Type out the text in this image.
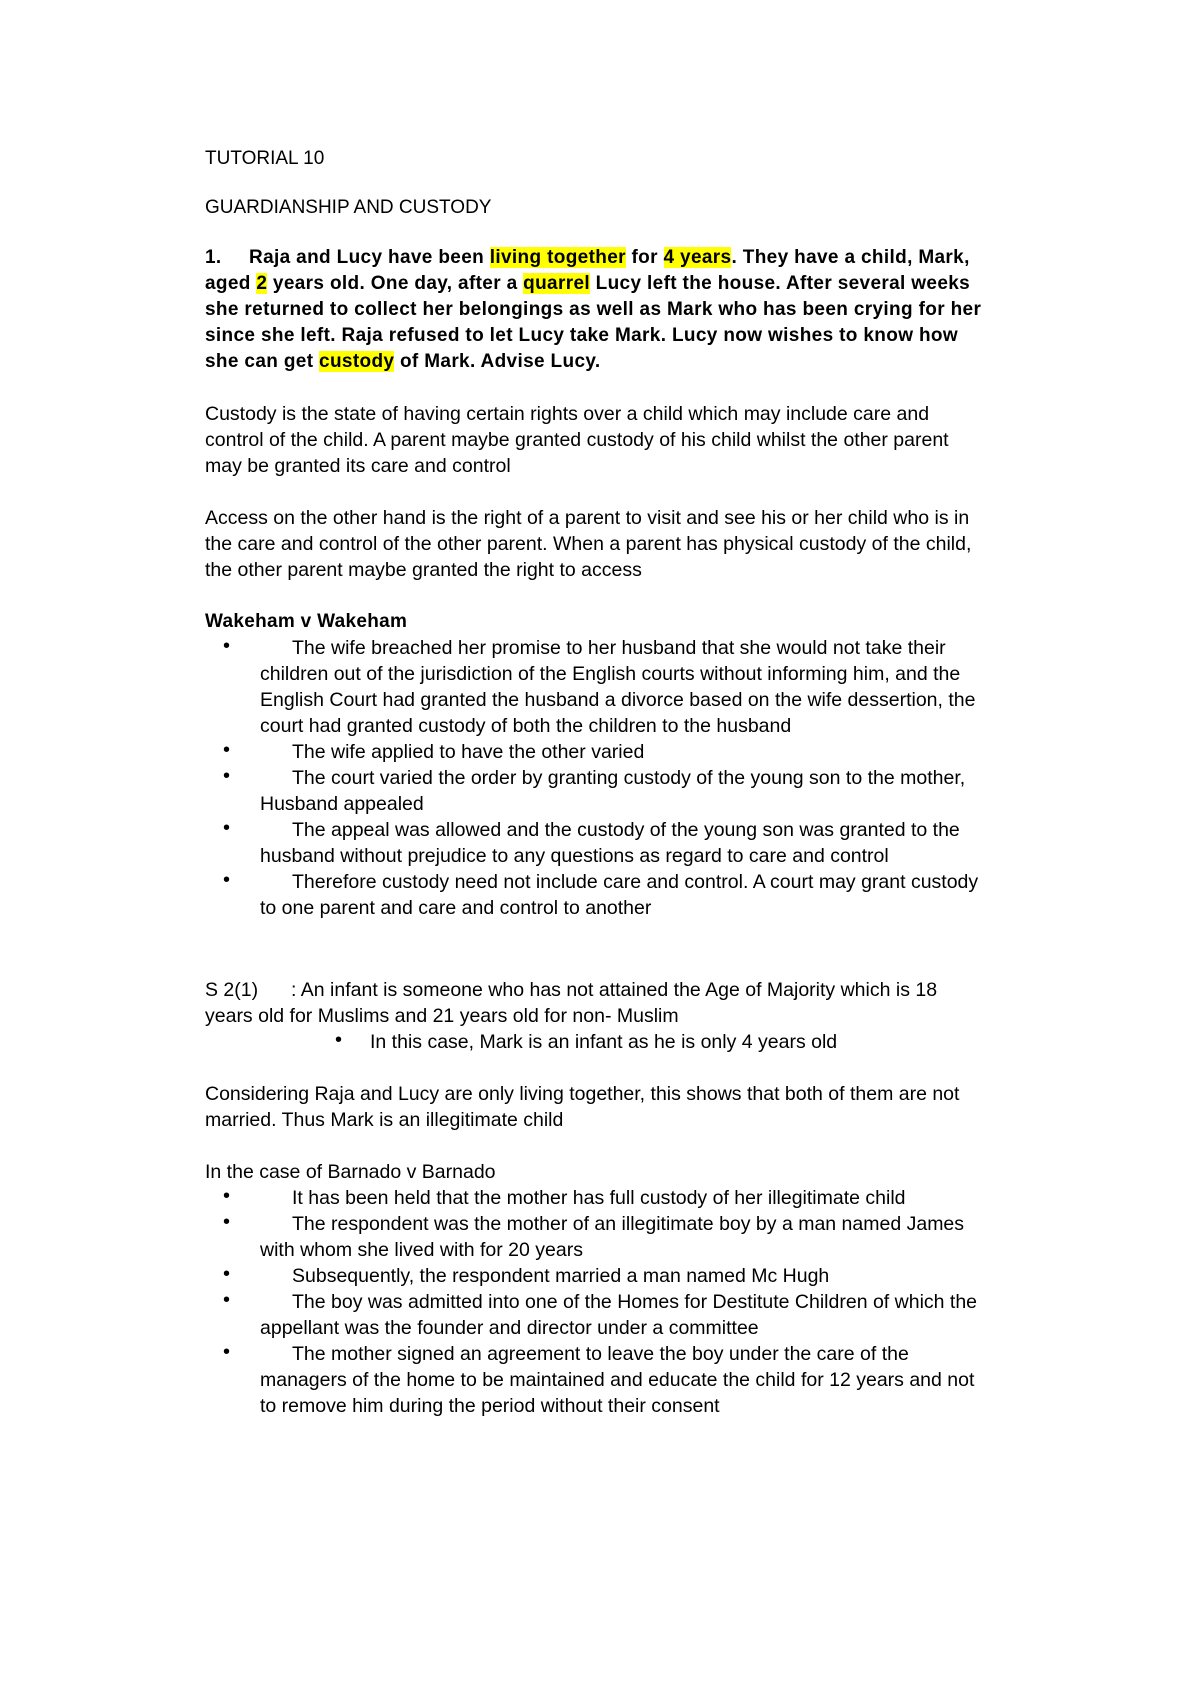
TUTORIAL 10

GUARDIANSHIP AND CUSTODY

1. Raja and Lucy have been living together for 4 years. They have a child, Mark, aged 2 years old. One day, after a quarrel Lucy left the house. After several weeks she returned to collect her belongings as well as Mark who has been crying for her since she left. Raja refused to let Lucy take Mark. Lucy now wishes to know how she can get custody of Mark. Advise Lucy.

Custody is the state of having certain rights over a child which may include care and control of the child. A parent maybe granted custody of his child whilst the other parent may be granted its care and control

Access on the other hand is the right of a parent to visit and see his or her child who is in the care and control of the other parent. When a parent has physical custody of the child, the other parent maybe granted the right to access

Wakeham v Wakeham

•	The wife breached her promise to her husband that she would not take their children out of the jurisdiction of the English courts without informing him, and the English Court had granted the husband a divorce based on the wife dessertion, the court had granted custody of both the children to the husband
•	The wife applied to have the other varied
•	The court varied the order by granting custody of the young son to the mother, Husband appealed
•	The appeal was allowed and the custody of the young son was granted to the husband without prejudice to any questions as regard to care and control
•	Therefore custody need not include care and control. A court may grant custody to one parent and care and control to another

S 2(1) : An infant is someone who has not attained the Age of Majority which is 18 years old for Muslims and 21 years old for non- Muslim

• In this case, Mark is an infant as he is only 4 years old

Considering Raja and Lucy are only living together, this shows that both of them are not married. Thus Mark is an illegitimate child

In the case of Barnado v Barnado

•	It has been held that the mother has full custody of her illegitimate child
•	The respondent was the mother of an illegitimate boy by a man named James with whom she lived with for 20 years
•	Subsequently, the respondent married a man named Mc Hugh
•	The boy was admitted into one of the Homes for Destitute Children of which the appellant was the founder and director under a committee
•	The mother signed an agreement to leave the boy under the care of the managers of the home to be maintained and educate the child for 12 years and not to remove him during the period without their consent
